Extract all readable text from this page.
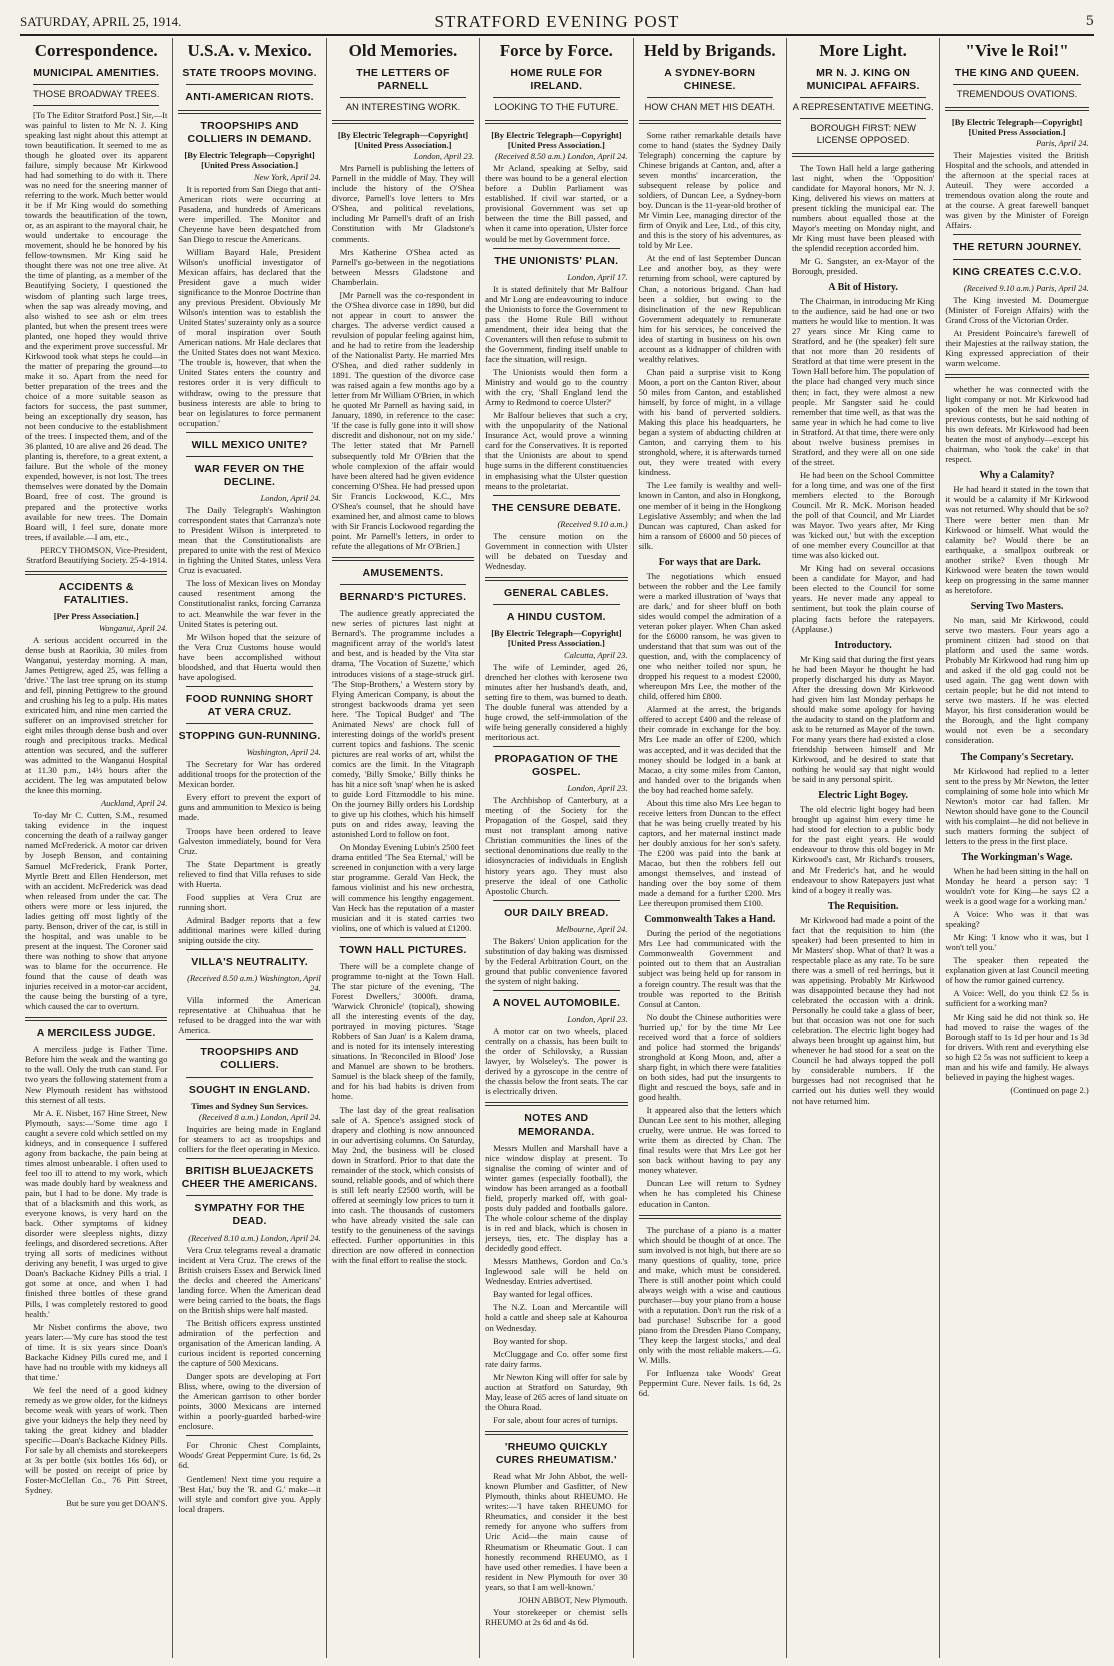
SATURDAY, APRIL 25, 1914.	STRATFORD EVENING POST	5
Correspondence.
MUNICIPAL AMENITIES.
THOSE BROADWAY TREES.

[To The Editor Stratford Post.] Sir,—It was painful to listen to Mr N. J. King speaking last night about this attempt at town beautification. It seemed to me as though he gloated over its apparent failure, simply because Mr Kirkwood had had something to do with it. There was no need for the sneering manner of referring to the work. Much better would it be if Mr King would do something towards the beautification of the town, or, as an aspirant to the mayoral chair, he would undertake to encourage the movement, should he be honored by his fellow-townsmen. Mr King said he thought there was not one tree alive. At the time of planting, as a member of the Beautifying Society, I questioned the wisdom of planting such large trees, when the sap was already moving, and also wished to see ash or elm trees planted, but when the present trees were planted, one hoped they would thrive and the experiment prove successful. Mr Kirkwood took what steps he could—in the matter of preparing the ground—to make it so. Apart from the need for better preparation of the trees and the choice of a more suitable season as factors for success, the past summer, being an exceptionally dry season, has not been conducive to the establishment of the trees. I inspected them, and of the 36 planted, 10 are alive and 26 dead. The planting is, therefore, to a great extent, a failure. But the whole of the money expended, however, is not lost. The trees themselves were donated by the Domain Board, free of cost. The ground is prepared and the protective works available for new trees. The Domain Board will, I feel sure, donate more trees, if available.—I am, etc.,

PERCY THOMSON, Vice-President, Stratford Beautifying Society. 25-4-1914.
ACCIDENTS & FATALITIES.
[Per Press Association.]
Wanganui, April 24.

A serious accident occurred in the dense bush at Raorikia, 30 miles from Wanganui, yesterday morning. A man, James Pettigrew, aged 25, was felling a 'drive.' The last tree sprung on its stump and fell, pinning Pettigrew to the ground and crushing his leg to a pulp. His mates extricated him, and nine men carried the sufferer on an improvised stretcher for eight miles through dense bush and over rough and precipitous tracks. Medical attention was secured, and the sufferer was admitted to the Wanganui Hospital at 11.30 p.m., 14½ hours after the accident. The leg was amputated below the knee this morning.

Auckland, April 24.

To-day Mr C. Cutten, S.M., resumed taking evidence in the inquest concerning the death of a railway ganger named McFrederick. A motor car driven by Joseph Benson, and containing Samuel McFrederick, Frank Porter, Myrtle Brett and Ellen Henderson, met with an accident. McFrederick was dead when released from under the car. The others were more or less injured, the ladies getting off most lightly of the party. Benson, driver of the car, is still in the hospital, and was unable to be present at the inquest. The Coroner said there was nothing to show that anyone was to blame for the occurrence. He found that the cause of death was injuries received in a motor-car accident, the cause being the bursting of a tyre, which caused the car to overturn.

A MERCILESS JUDGE.

A merciless judge is Father Time. Before him the weak and the wanting go to the wall. Only the truth can stand. For two years the following statement from a New Plymouth resident has withstood this sternest of all tests.

Mr A. E. Nisbet, 167 Hine Street, New Plymouth, says:—'Some time ago I caught a severe cold which settled on my kidneys, and in consequence I suffered agony from backache, the pain being at times almost unbearable. I often used to feel too ill to attend to my work, which was made doubly hard by weakness and pain, but I had to be done. My trade is that of a blacksmith and this work, as everyone knows, is very hard on the back. Other symptoms of kidney disorder were sleepless nights, dizzy feelings, and disordered secretions. After trying all sorts of medicines without deriving any benefit, I was urged to give Doan's Backache Kidney Pills a trial. I got some at once, and when I had finished three bottles of these grand Pills, I was completely restored to good health.'

Mr Nisbet confirms the above, two years later:—'My cure has stood the test of time. It is six years since Doan's Backache Kidney Pills cured me, and I have had no trouble with my kidneys all that time.'

We feel the need of a good kidney remedy as we grow older, for the kidneys become weak with years of work. Then give your kidneys the help they need by taking the great kidney and bladder specific—Doan's Backache Kidney Pills. For sale by all chemists and storekeepers at 3s per bottle (six bottles 16s 6d), or will be posted on receipt of price by Foster-McClellan Co., 76 Pitt Street, Sydney.

But be sure you get DOAN'S.
U.S.A. v. Mexico.
STATE TROOPS MOVING.
ANTI-AMERICAN RIOTS.
TROOPSHIPS AND COLLIERS IN DEMAND.
[By Electric Telegraph—Copyright] [United Press Association.]
New York, April 24.

It is reported from San Diego that anti-American riots were occurring at Pasadena, and hundreds of Americans were imperilled. The Monitor and Cheyenne have been despatched from San Diego to rescue the Americans.

William Bayard Hale, President Wilson's unofficial investigator of Mexican affairs, has declared that the President gave a much wider significance to the Monroe Doctrine than any previous President. Obviously Mr Wilson's intention was to establish the United States' suzerainty only as a source of moral inspiration over South American nations. Mr Hale declares that the United States does not want Mexico. 'The trouble is, however, that when the United States enters the country and restores order it is very difficult to withdraw, owing to the pressure that business interests are able to bring to bear on legislatures to force permanent occupation.'

WILL MEXICO UNITE?
WAR FEVER ON THE DECLINE.
London, April 24.

The Daily Telegraph's Washington correspondent states that Carranza's note to President Wilson is interpreted to mean that the Constitutionalists are prepared to unite with the rest of Mexico in fighting the United States, unless Vera Cruz is evacuated.

The loss of Mexican lives on Monday caused resentment among the Constitutionalist ranks, forcing Carranza to act. Meanwhile the war fever in the United States is petering out.

Mr Wilson hoped that the seizure of the Vera Cruz Customs house would have been accomplished without bloodshed, and that Huerta would then have apologised.

FOOD RUNNING SHORT AT VERA CRUZ.
STOPPING GUN-RUNNING.
Washington, April 24.

The Secretary for War has ordered additional troops for the protection of the Mexican border.

Every effort to prevent the export of guns and ammunition to Mexico is being made.

Troops have been ordered to leave Galveston immediately, bound for Vera Cruz.

The State Department is greatly relieved to find that Villa refuses to side with Huerta.

Food supplies at Vera Cruz are running short.

Admiral Badger reports that a few additional marines were killed during sniping outside the city.

VILLA'S NEUTRALITY.
(Received 8.50 a.m.) Washington, April 24.

Villa informed the American representative at Chihuahua that he refused to be dragged into the war with America.

TROOPSHIPS AND COLLIERS.
SOUGHT IN ENGLAND.
Times and Sydney Sun Services.
(Received 8 a.m.) London, April 24.

Inquiries are being made in England for steamers to act as troopships and colliers for the fleet operating in Mexico.

BRITISH BLUEJACKETS CHEER THE AMERICANS.
SYMPATHY FOR THE DEAD.
(Received 8.10 a.m.) London, April 24.

Vera Cruz telegrams reveal a dramatic incident at Vera Cruz. The crews of the British cruisers Essex and Berwick lined the decks and cheered the Americans' landing force. When the American dead were being carried to the boats, the flags on the British ships were half masted.

The British officers express unstinted admiration of the perfection and organisation of the American landing. A curious incident is reported concerning the capture of 500 Mexicans.

Danger spots are developing at Fort Bliss, where, owing to the diversion of the American garrison to other border points, 3000 Mexicans are interned within a poorly-guarded barbed-wire enclosure.

For Chronic Chest Complaints, Woods' Great Peppermint Cure. 1s 6d, 2s 6d.

Gentlemen! Next time you require a 'Best Hat,' buy the 'R. and G.' make—it will style and comfort give you. Apply local drapers.

Old Memories.
THE LETTERS OF PARNELL
AN INTERESTING WORK.
[By Electric Telegraph—Copyright] [United Press Association.]
London, April 23.

Mrs Parnell is publishing the letters of Parnell in the middle of May. They will include the history of the O'Shea divorce, Parnell's love letters to Mrs O'Shea, and political revelations, including Mr Parnell's draft of an Irish Constitution with Mr Gladstone's comments.

Mrs Katherine O'Shea acted as Parnell's go-between in the negotiations between Messrs Gladstone and Chamberlain.

[Mr Parnell was the co-respondent in the O'Shea divorce case in 1890, but did not appear in court to answer the charges. The adverse verdict caused a revulsion of popular feeling against him, and he had to retire from the leadership of the Nationalist Party. He married Mrs O'Shea, and died rather suddenly in 1891. The question of the divorce case was raised again a few months ago by a letter from Mr William O'Brien, in which he quoted Mr Parnell as having said, in January, 1890, in reference to the case: 'If the case is fully gone into it will show discredit and dishonour, not on my side.' The letter stated that Mr Parnell subsequently told Mr O'Brien that the whole complexion of the affair would have been altered had he given evidence concerning O'Shea. He had pressed upon Sir Francis Lockwood, K.C., Mrs O'Shea's counsel, that he should have examined her, and almost came to blows with Sir Francis Lockwood regarding the point. Mr Parnell's letters, in order to refute the allegations of Mr O'Brien.]

AMUSEMENTS.
BERNARD'S PICTURES.

The audience greatly appreciated the new series of pictures last night at Bernard's. The programme includes a magnificent array of the world's latest and best, and is headed by the Vita star drama, 'The Vocation of Suzette,' which introduces visions of a stage-struck girl. 'The Stop-Brothers,' a Western story by Flying American Company, is about the strongest backwoods drama yet seen here. 'The Topical Budget' and 'The Animated News' are chock full of interesting doings of the world's present current topics and fashions. The scenic pictures are real works of art, whilst the comics are the limit. In the Vitagraph comedy, 'Billy Smoke,' Billy thinks he has hit a nice soft 'snap' when he is asked to guide Lord Fitzmoddle to his mine. On the journey Billy orders his Lordship to give up his clothes, which his himself puts on and rides away, leaving the astonished Lord to follow on foot.

On Monday Evening Lubin's 2500 feet drama entitled 'The Sea Eternal,' will be screened in conjunction with a very large star programme. Gerald Van Heck, the famous violinist and his new orchestra, will commence his lengthy engagement. Van Heck has the reputation of a master musician and it is stated carries two violins, one of which is valued at £1200.

TOWN HALL PICTURES.

There will be a complete change of programme to-night at the Town Hall. The star picture of the evening, 'The Forest Dwellers,' 3000ft. drama, 'Warwick Chronicle' (topical), showing all the interesting events of the day, portrayed in moving pictures. 'Stage Robbers of San Juan' is a Kalem drama, and is noted for its intensely interesting situations. In 'Reconciled in Blood' Jose and Manuel are shown to be brothers. Samuel is the black sheep of the family, and for his bad habits is driven from home.

The last day of the great realisation sale of A. Spence's assigned stock of drapery and clothing is now announced in our advertising columns. On Saturday, May 2nd, the business will be closed down in Stratford. Prior to that date the remainder of the stock, which consists of sound, reliable goods, and of which there is still left nearly £2500 worth, will be offered at seemingly low prices to turn it into cash. The thousands of customers who have already visited the sale can testify to the genuineness of the savings effected. Further opportunities in this direction are now offered in connection with the final effort to realise the stock.

Force by Force.
HOME RULE FOR IRELAND.
LOOKING TO THE FUTURE.
[By Electric Telegraph—Copyright] [United Press Association.]
(Received 8.50 a.m.) London, April 24.

Mr Acland, speaking at Selby, said there was bound to be a general election before a Dublin Parliament was established. If civil war started, or a provisional Government was set up between the time the Bill passed, and when it came into operation, Ulster force would be met by Government force.

THE UNIONISTS' PLAN.
London, April 17.

It is stated definitely that Mr Balfour and Mr Long are endeavouring to induce the Unionists to force the Government to pass the Home Rule Bill without amendment, their idea being that the Covenanters will then refuse to submit to the Government, finding itself unable to face the situation, will resign.

The Unionists would then form a Ministry and would go to the country with the cry, 'Shall England lend the Army to Redmond to coerce Ulster?'

Mr Balfour believes that such a cry, with the unpopularity of the National Insurance Act, would prove a winning card for the Conservatives. It is reported that the Unionists are about to spend huge sums in the different constituencies in emphasising what the Ulster question means to the proletariat.

THE CENSURE DEBATE.
(Received 9.10 a.m.)

The censure motion on the Government in connection with Ulster will be debated on Tuesday and Wednesday.

GENERAL CABLES.
A HINDU CUSTOM.
[By Electric Telegraph—Copyright] [United Press Association.]
Calcutta, April 23.

The wife of Leminder, aged 26, drenched her clothes with kerosene two minutes after her husband's death, and, setting fire to them, was burned to death. The double funeral was attended by a huge crowd, the self-immolation of the wife being generally considered a highly meritorious act.

PROPAGATION OF THE GOSPEL.
London, April 23.

The Archbishop of Canterbury, at a meeting of the Society for the Propagation of the Gospel, said they must not transplant among native Christian communities the lines of the sectional denominations due really to the idiosyncracies of individuals in English history years ago. They must also preserve the ideal of one Catholic Apostolic Church.

OUR DAILY BREAD.
Melbourne, April 24.

The Bakers' Union application for the substitution of day baking was dismissed by the Federal Arbitration Court, on the ground that public convenience favored the system of night baking.

A NOVEL AUTOMOBILE.
London, April 23.

A motor car on two wheels, placed centrally on a chassis, has been built to the order of Schilovsky, a Russian lawyer, by Wolseley's. The power is derived by a gyroscope in the centre of the chassis below the front seats. The car is electrically driven.

NOTES AND MEMORANDA.

Messrs Mullen and Marshall have a nice window display at present. To signalise the coming of winter and of winter games (especially football), the window has been arranged as a football field, properly marked off, with goal-posts duly padded and footballs galore. The whole colour scheme of the display is in red and black, which is chosen in jerseys, ties, etc. The display has a decidedly good effect.

Messrs Matthews, Gordon and Co.'s Inglewood sale will be held on Wednesday. Entries advertised.

Bay wanted for legal offices.

The N.Z. Loan and Mercantile will hold a cattle and sheep sale at Kahouroa on Wednesday.

Boy wanted for shop.

McCluggage and Co. offer some first rate dairy farms.

Mr Newton King will offer for sale by auction at Stratford on Saturday, 9th May, lease of 265 acres of land situate on the Ohura Road.

For sale, about four acres of turnips.

'RHEUMO QUICKLY CURES RHEUMATISM.'

Read what Mr John Abbot, the well-known Plumber and Gasfitter, of New Plymouth, thinks about RHEUMO. He writes:—'I have taken RHEUMO for Rheumatics, and consider it the best remedy for anyone who suffers from Uric Acid—the main cause of Rheumatism or Rheumatic Gout. I can honestly recommend RHEUMO, as I have used other remedies. I have been a resident in New Plymouth for over 30 years, so that I am well-known.'

JOHN ABBOT, New Plymouth.

Your storekeeper or chemist sells RHEUMO at 2s 6d and 4s 6d.

Held by Brigands.
A SYDNEY-BORN CHINESE.
HOW CHAN MET HIS DEATH.

Some rather remarkable details have come to hand (states the Sydney Daily Telegraph) concerning the capture by Chinese brigands at Canton, and, after a seven months' incarceration, the subsequent release by police and soldiers, of Duncan Lee, a Sydney-born boy. Duncan is the 11-year-old brother of Mr Vimin Lee, managing director of the firm of Onyik and Lee, Ltd., of this city, and this is the story of his adventures, as told by Mr Lee.

At the end of last September Duncan Lee and another boy, as they were returning from school, were captured by Chan, a notorious brigand. Chan had been a soldier, but owing to the disinclination of the new Republican Government adequately to remunerate him for his services, he conceived the idea of starting in business on his own account as a kidnapper of children with wealthy relatives.

Chan paid a surprise visit to Kong Moon, a port on the Canton River, about 50 miles from Canton, and established himself, by force of might, in a village with his band of perverted soldiers. Making this place his headquarters, he began a system of abducting children at Canton, and carrying them to his stronghold, where, it is afterwards turned out, they were treated with every kindness.

The Lee family is wealthy and well-known in Canton, and also in Hongkong, one member of it being in the Hongkong Legislative Assembly; and when the lad Duncan was captured, Chan asked for him a ransom of £6000 and 50 pieces of silk.

For ways that are Dark.

The negotiations which ensued between the robber and the Lee family were a marked illustration of 'ways that are dark,' and for sheer bluff on both sides would compel the admiration of a veteran poker player. When Chan asked for the £6000 ransom, he was given to understand that that sum was out of the question, and, with the complacency of one who neither toiled nor spun, he dropped his request to a modest £2000, whereupon Mrs Lee, the mother of the child, offered him £800.

Alarmed at the arrest, the brigands offered to accept £400 and the release of their comrade in exchange for the boy. Mrs Lee made an offer of £200, which was accepted, and it was decided that the money should be lodged in a bank at Macao, a city some miles from Canton, and handed over to the brigands when the boy had reached home safely.

About this time also Mrs Lee began to receive letters from Duncan to the effect that he was being cruelly treated by his captors, and her maternal instinct made her doubly anxious for her son's safety. The £200 was paid into the bank at Macao, but then the robbers fell out amongst themselves, and instead of handing over the boy some of them made a demand for a further £200. Mrs Lee thereupon promised them £100.

Commonwealth Takes a Hand.

During the period of the negotiations Mrs Lee had communicated with the Commonwealth Government and pointed out to them that an Australian subject was being held up for ransom in a foreign country. The result was that the trouble was reported to the British Consul at Canton.

No doubt the Chinese authorities were 'hurried up,' for by the time Mr Lee received word that a force of soldiers and police had stormed the brigands' stronghold at Kong Moon, and, after a sharp fight, in which there were fatalities on both sides, had put the insurgents to flight and rescued the boys, safe and in good health.

It appeared also that the letters which Duncan Lee sent to his mother, alleging cruelty, were untrue. He was forced to write them as directed by Chan. The final results were that Mrs Lee got her son back without having to pay any money whatever.

Duncan Lee will return to Sydney when he has completed his Chinese education in Canton.

The purchase of a piano is a matter which should be thought of at once. The sum involved is not high, but there are so many questions of quality, tone, price and make, which must be considered. There is still another point which could always weigh with a wise and cautious purchaser—buy your piano from a house with a reputation. Don't run the risk of a bad purchase! Subscribe for a good piano from the Dresden Piano Company, 'They keep the largest stocks,' and deal only with the most reliable makers.—G. W. Mills.

For Influenza take Woods' Great Peppermint Cure. Never fails. 1s 6d, 2s 6d.

More Light.
MR N. J. KING ON MUNICIPAL AFFAIRS.
A REPRESENTATIVE MEETING.
BOROUGH FIRST: NEW LICENSE OPPOSED.

The Town Hall held a large gathering last night, when the 'Opposition' candidate for Mayoral honors, Mr N. J. King, delivered his views on matters at present tickling the municipal ear. The numbers about equalled those at the Mayor's meeting on Monday night, and Mr King must have been pleased with the splendid reception accorded him.

Mr G. Sangster, an ex-Mayor of the Borough, presided.

A Bit of History.

The Chairman, in introducing Mr King to the audience, said he had one or two matters he would like to mention. It was 27 years since Mr King came to Stratford, and he (the speaker) felt sure that not more than 20 residents of Stratford at that time were present in the Town Hall before him. The population of the place had changed very much since then; in fact, they were almost a new people. Mr Sangster said he could remember that time well, as that was the same year in which he had come to live in Stratford. At that time, there were only about twelve business premises in Stratford, and they were all on one side of the street.

He had been on the School Committee for a long time, and was one of the first members elected to the Borough Council. Mr R. McK. Morison headed the poll of that Council, and Mr Liardet was Mayor. Two years after, Mr King was 'kicked out,' but with the exception of one member every Councillor at that time was also kicked out.

Mr King had on several occasions been a candidate for Mayor, and had been elected to the Council for some years. He never made any appeal to sentiment, but took the plain course of placing facts before the ratepayers. (Applause.)

Introductory.

Mr King said that during the first years he had been Mayor he thought he had properly discharged his duty as Mayor. After the dressing down Mr Kirkwood had given him last Monday perhaps he should make some apology for having the audacity to stand on the platform and ask to be returned as Mayor of the town. For many years there had existed a close friendship between himself and Mr Kirkwood, and he desired to state that nothing he would say that night would be said in any personal spirit.

Electric Light Bogey.

The old electric light bogey had been brought up against him every time he had stood for election to a public body for the past eight years. He would endeavour to throw this old bogey in Mr Kirkwood's cast, Mr Richard's trousers, and Mr Frederic's hat, and he would endeavour to show Ratepayers just what kind of a bogey it really was.

The Requisition.

Mr Kirkwood had made a point of the fact that the requisition to him (the speaker) had been presented to him in Mr Masters' shop. What of that? It was a respectable place as any rate. To be sure there was a smell of red herrings, but it was appetising. Probably Mr Kirkwood was disappointed because they had not celebrated the occasion with a drink. Personally he could take a glass of beer, but that occasion was not one for such celebration. The electric light bogey had always been brought up against him, but whenever he had stood for a seat on the Council he had always topped the poll by considerable numbers. If the burgesses had not recognised that he carried out his duties well they would not have returned him.

"Vive le Roi!"
THE KING AND QUEEN.
TREMENDOUS OVATIONS.
[By Electric Telegraph—Copyright] [United Press Association.]
Paris, April 24.

Their Majesties visited the British Hospital and the schools, and attended in the afternoon at the special races at Auteuil. They were accorded a tremendous ovation along the route and at the course. A great farewell banquet was given by the Minister of Foreign Affairs.

THE RETURN JOURNEY.
KING CREATES C.C.V.O.
(Received 9.10 a.m.) Paris, April 24.

The King invested M. Doumergue (Minister of Foreign Affairs) with the Grand Cross of the Victorian Order.

At President Poincaire's farewell of their Majesties at the railway station, the King expressed appreciation of their warm welcome.

whether he was connected with the light company or not. Mr Kirkwood had spoken of the men he had beaten in previous contests, but he said nothing of his own defeats. Mr Kirkwood had been beaten the most of anybody—except his chairman, who 'took the cake' in that respect.

Why a Calamity?

He had heard it stated in the town that it would be a calamity if Mr Kirkwood was not returned. Why should that be so? There were better men than Mr Kirkwood or himself. What would the calamity be? Would there be an earthquake, a smallpox outbreak or another strike? Even though Mr Kirkwood were beaten the town would keep on progressing in the same manner as heretofore.

Serving Two Masters.

No man, said Mr Kirkwood, could serve two masters. Four years ago a prominent citizen had stood on that platform and used the same words. Probably Mr Kirkwood had rung him up and asked if the old gag could not be used again. The gag went down with certain people; but he did not intend to serve two masters. If he was elected Mayor, his first consideration would be the Borough, and the light company would not even be a secondary consideration.

The Company's Secretary.

Mr Kirkwood had replied to a letter sent to the press by Mr Newton, the letter complaining of some hole into which Mr Newton's motor car had fallen. Mr Newton should have gone to the Council with his complaint—he did not believe in such matters forming the subject of letters to the press in the first place.

The Workingman's Wage.

When he had been sitting in the hall on Monday he heard a person say: 'I wouldn't vote for King—he says £2 a week is a good wage for a working man.'

A Voice: Who was it that was speaking?

Mr King: 'I know who it was, but I won't tell you.'

The speaker then repeated the explanation given at last Council meeting of how the rumor gained currency.

A Voice: Well, do you think £2 5s is sufficient for a working man?

Mr King said he did not think so. He had moved to raise the wages of the Borough staff to 1s 1d per hour and 1s 3d for drivers. With rent and everything else so high £2 5s was not sufficient to keep a man and his wife and family. He always believed in paying the highest wages.

(Continued on page 2.)
